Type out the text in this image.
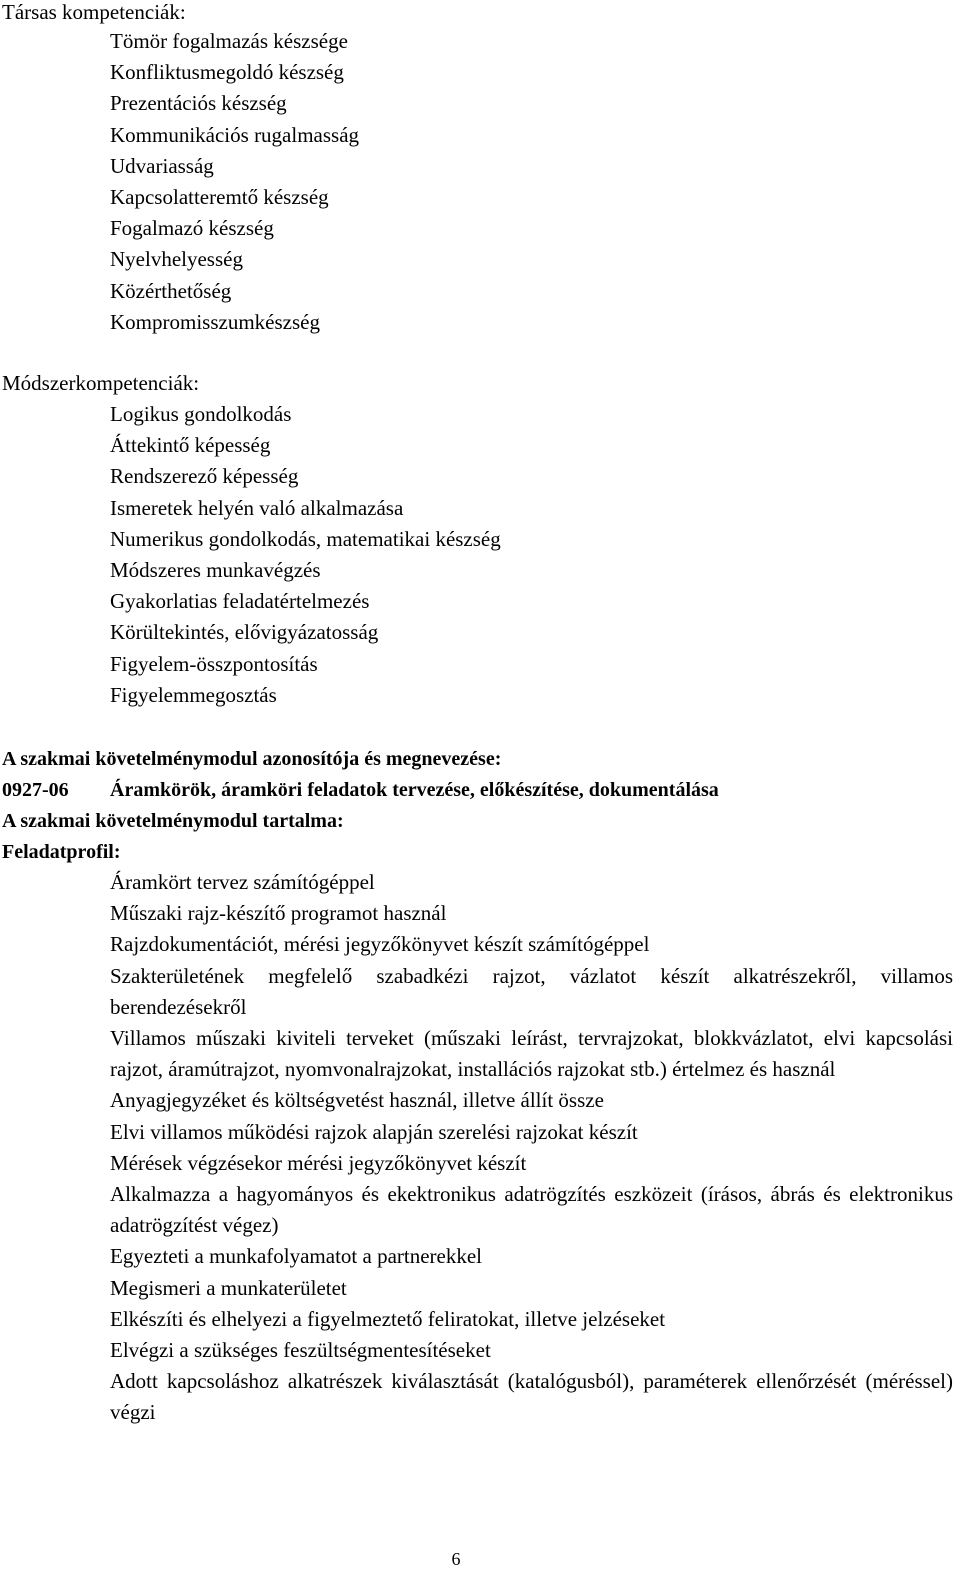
Társas kompetenciák:
Tömör fogalmazás készsége
Konfliktusmegoldó készség
Prezentációs készség
Kommunikációs rugalmasság
Udvariasság
Kapcsolatteremtő készség
Fogalmazó készség
Nyelvhelyesség
Közérthetőség
Kompromisszumkészség
Módszerkompetenciák:
Logikus gondolkodás
Áttekintő képesség
Rendszerező képesség
Ismeretek helyén való alkalmazása
Numerikus gondolkodás, matematikai készség
Módszeres munkavégzés
Gyakorlatias feladatértelmezés
Körültekintés, elővigyázatosság
Figyelem-összpontosítás
Figyelemmegosztás
A szakmai követelménymodul azonosítója és megnevezése:
0927-06 Áramkörök, áramköri feladatok tervezése, előkészítése, dokumentálása
A szakmai követelménymodul tartalma:
Feladatprofil:
Áramkört tervez számítógéppel
Műszaki rajz-készítő programot használ
Rajzdokumentációt, mérési jegyzőkönyvet készít számítógéppel
Szakterületének megfelelő szabadkézi rajzot, vázlatot készít alkatrészekről, villamos berendezésekről
Villamos műszaki kiviteli terveket (műszaki leírást, tervrajzokat, blokkvázlatot, elvi kapcsolási rajzot, áramútrajzot, nyomvonalrajzokat, installációs rajzokat stb.) értelmez és használ
Anyagjegyzéket és költségvetést használ, illetve állít össze
Elvi villamos működési rajzok alapján szerelési rajzokat készít
Mérések végzésekor mérési jegyzőkönyvet készít
Alkalmazza a hagyományos és ekektronikus adatrögzítés eszközeit (írásos, ábrás és elektronikus adatrögzítést végez)
Egyezteti a munkafolyamatot a partnerekkel
Megismeri a munkaterületet
Elkészíti és elhelyezi a figyelmeztető feliratokat, illetve jelzéseket
Elvégzi a szükséges feszültségmentesítéseket
Adott kapcsoláshoz alkatrészek kiválasztását (katalógusból), paraméterek ellenőrzését (méréssel) végzi
6
